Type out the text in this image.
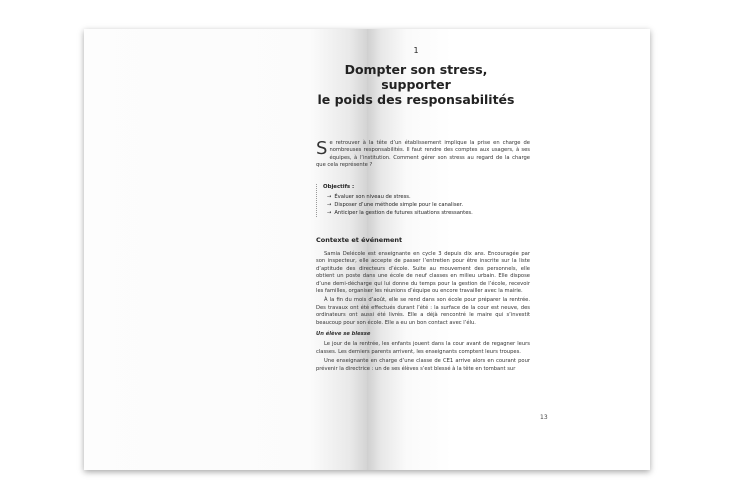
1
Dompter son stress, supporter
le poids des responsabilités
Se retrouver à la tête d’un établissement implique la prise en charge de nombreuses responsabilités. Il faut rendre des comptes aux usagers, à ses équipes, à l’institution. Comment gérer son stress au regard de la charge que cela représente ?
Objectifs :
→ Évaluer son niveau de stress.
→ Disposer d’une méthode simple pour le canaliser.
→ Anticiper la gestion de futures situations stressantes.
Contexte et événement

Samia Delécole est enseignante en cycle 3 depuis dix ans. Encouragée par son inspecteur, elle accepte de passer l’entretien pour être inscrite sur la liste d’aptitude des directeurs d’école. Suite au mouvement des personnels, elle obtient un poste dans une école de neuf classes en milieu urbain. Elle dispose d’une demi-décharge qui lui donne du temps pour la gestion de l’école, recevoir les familles, organiser les réunions d’équipe ou encore travailler avec la mairie.

À la fin du mois d’août, elle se rend dans son école pour préparer la rentrée. Des travaux ont été effectués durant l’été : la surface de la cour est neuve, des ordinateurs ont aussi été livrés. Elle a déjà rencontré le maire qui s’investit beaucoup pour son école. Elle a eu un bon contact avec l’élu.

Un élève se blesse

Le jour de la rentrée, les enfants jouent dans la cour avant de regagner leurs classes. Les derniers parents arrivent, les enseignants comptent leurs troupes.

Une enseignante en charge d’une classe de CE1 arrive alors en courant pour prévenir la directrice : un de ses élèves s’est blessé à la tête en tombant sur

13
